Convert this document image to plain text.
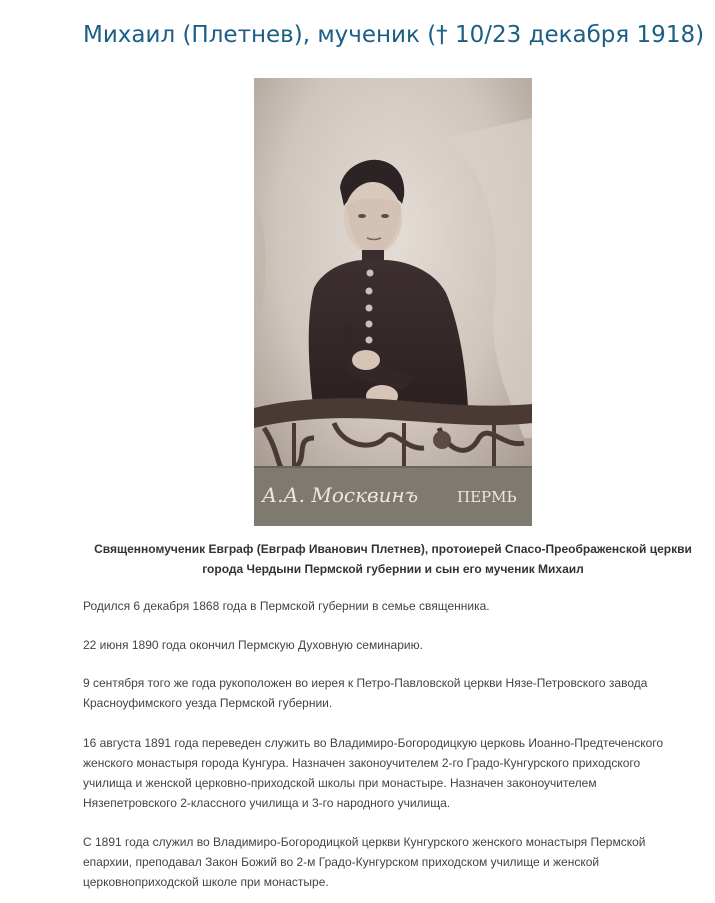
Михаил (Плетнев), мученик († 10/23 декабря 1918)
А.А. Москвинъ	ПЕРМЬ

Священномученик Евграф (Евграф Иванович Плетнев), протоиерей Спасо-Преображенской церкви города Чердыни Пермской губернии и сын его мученик Михаил

Родился 6 декабря 1868 года в Пермской губернии в семье священника.

22 июня 1890 года окончил Пермскую Духовную семинарию.

9 сентября того же года рукоположен во иерея к Петро-Павловской церкви Нязе-Петровского завода Красноуфимского уезда Пермской губернии.

16 августа 1891 года переведен служить во Владимиро-Богородицкую церковь Иоанно-Предтеченского женского монастыря города Кунгура. Назначен законоучителем 2-го Градо-Кунгурского приходского училища и женской церковно-приходской школы при монастыре. Назначен законоучителем Нязепетровского 2-классного училища и 3-го народного училища.

С 1891 года служил во Владимиро-Богородицкой церкви Кунгурского женского монастыря Пермской епархии, преподавал Закон Божий во 2-м Градо-Кунгурском приходском училище и женской церковноприходской школе при монастыре.
